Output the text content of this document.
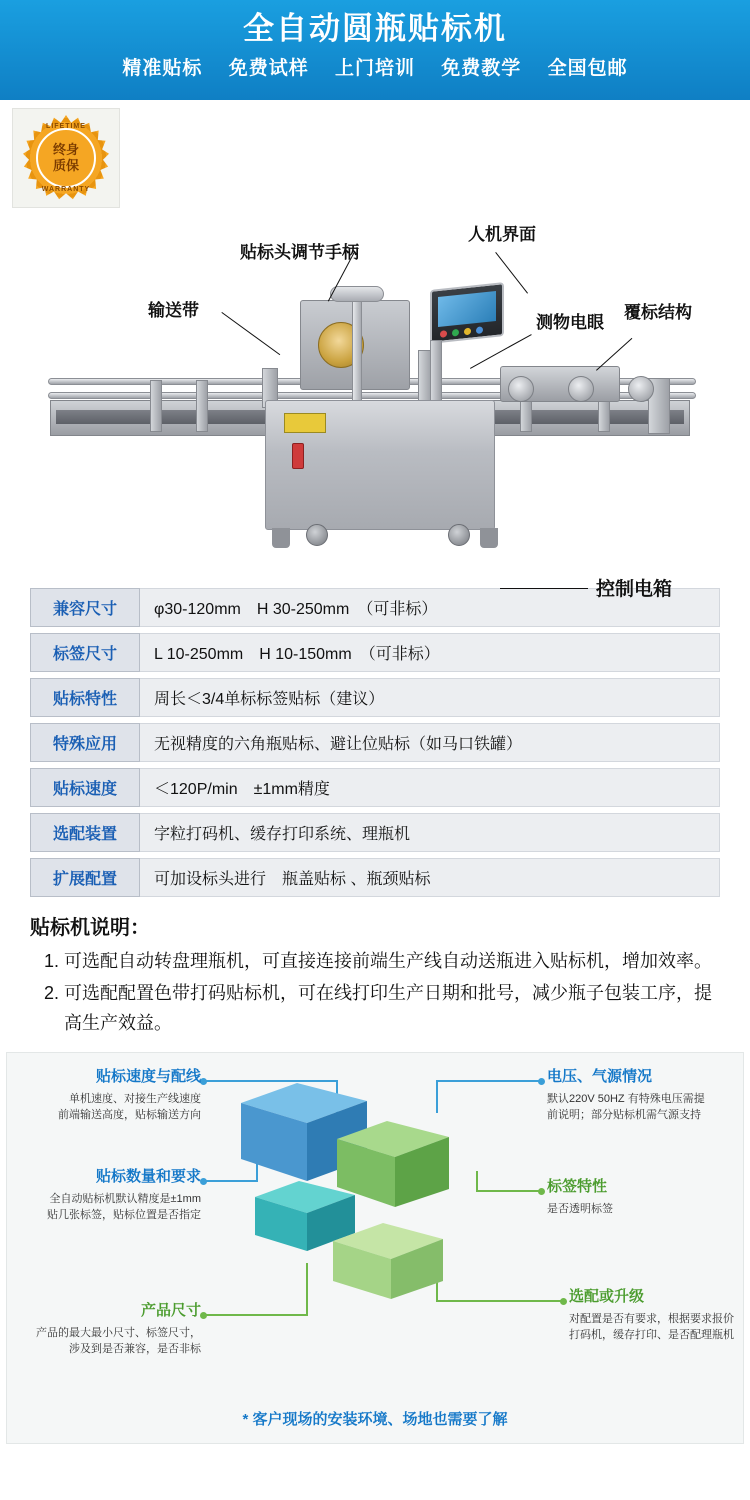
全自动圆瓶贴标机
精准贴标 免费试样 上门培训 免费教学 全国包邮
LIFETIME
终身
质保
WARRANTY
输送带
贴标头调节手柄
人机界面
测物电眼
覆标结构
控制电箱
兼容尺寸	φ30-120mm　H 30-250mm　（可非标）
标签尺寸	L 10-250mm　H 10-150mm　（可非标）
贴标特性	周长＜3/4单标标签贴标（建议）
特殊应用	无视精度的六角瓶贴标、避让位贴标（如马口铁罐）
贴标速度	＜120P/min　±1mm精度
选配装置	字粒打码机、缓存打印系统、理瓶机
扩展配置	可加设标头进行　瓶盖贴标 、瓶颈贴标
贴标机说明：
1. 可选配自动转盘理瓶机，可直接连接前端生产线自动送瓶进入贴标机，增加效率。
2. 可选配配置色带打码贴标机，可在线打印生产日期和批号，减少瓶子包装工序，提高生产效益。
贴标速度与配线
单机速度、对接生产线速度
前端输送高度，贴标输送方向
电压、气源情况
默认220V 50HZ 有特殊电压需提
前说明；部分贴标机需气源支持
贴标数量和要求
全自动贴标机默认精度是±1mm
贴几张标签，贴标位置是否指定
标签特性
是否透明标签
产品尺寸
产品的最大最小尺寸、标签尺寸，
涉及到是否兼容，是否非标
选配或升级
对配置是否有要求，根据要求报价
打码机，缓存打印、是否配理瓶机
* 客户现场的安装环境、场地也需要了解
